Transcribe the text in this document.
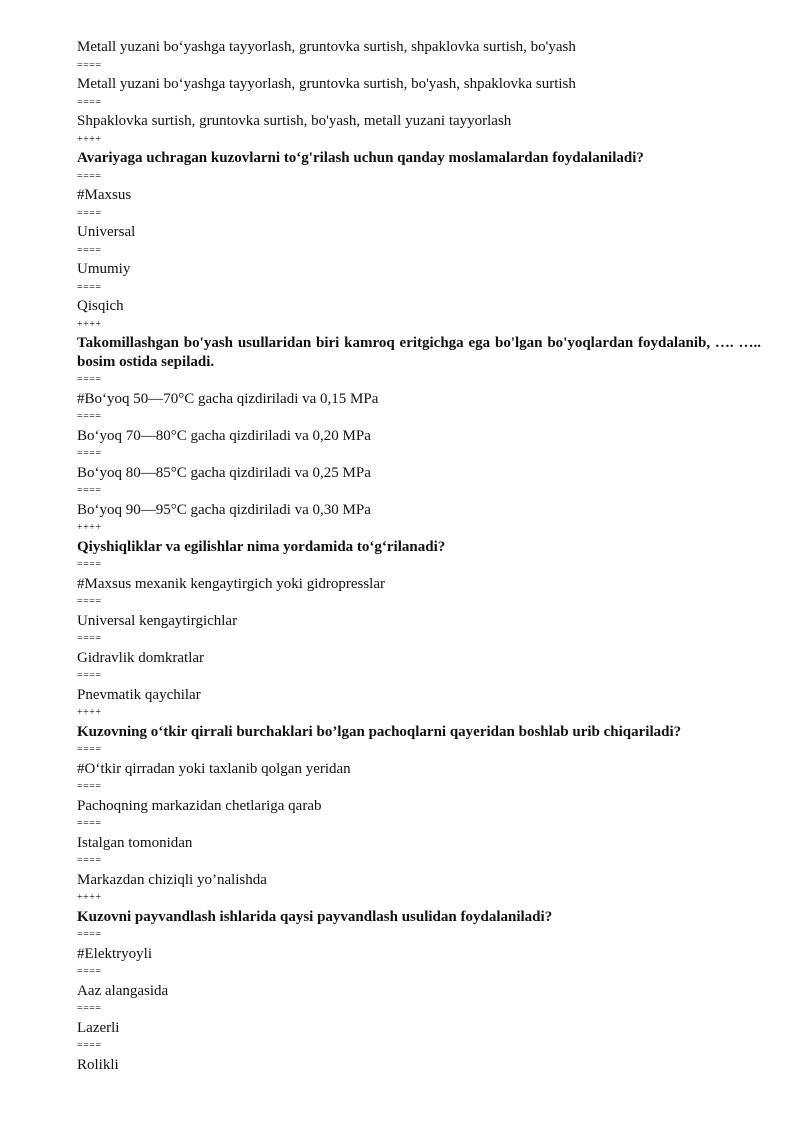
Metall yuzani bo‘yashga tayyorlash, gruntovka surtish, shpaklovka surtish, bo'yash
====
Metall yuzani bo‘yashga tayyorlash, gruntovka surtish, bo'yash, shpaklovka surtish
====
Shpaklovka surtish, gruntovka surtish, bo'yash, metall yuzani tayyorlash
++++
Avariyaga uchragan kuzovlarni to‘g'rilash uchun qanday moslamalardan foydalaniladi?
====
#Maxsus
====
Universal
====
Umumiy
====
Qisqich
++++
Takomillashgan bo'yash usullaridan biri kamroq eritgichga ega bo'lgan bo'yoqlardan foydalanib, …. ….. bosim ostida sepiladi.
====
#Bo‘yoq 50—70°C gacha qizdiriladi va 0,15 MPa
====
Bo‘yoq 70—80°C gacha qizdiriladi va 0,20 MPa
====
Bo‘yoq 80—85°C gacha qizdiriladi va 0,25 MPa
====
Bo‘yoq 90—95°C gacha qizdiriladi va 0,30 MPa
++++
Qiyshiqliklar va egilishlar nima yordamida to‘g‘rilanadi?
====
#Maxsus mexanik kengaytirgich yoki gidropresslar
====
Universal kengaytirgichlar
====
Gidravlik domkratlar
====
Pnevmatik qaychilar
++++
Kuzovning o‘tkir qirrali burchaklari bo’lgan pachoqlarni qayeridan boshlab urib chiqariladi?
====
#O‘tkir qirradan yoki taxlanib qolgan yeridan
====
Pachoqning markazidan chetlariga qarab
====
Istalgan tomonidan
====
Markazdan chiziqli yo’nalishda
++++
Kuzovni payvandlash ishlarida qaysi payvandlash usulidan foydalaniladi?
====
#Elektryoyli
====
Aaz alangasida
====
Lazerli
====
Rolikli
